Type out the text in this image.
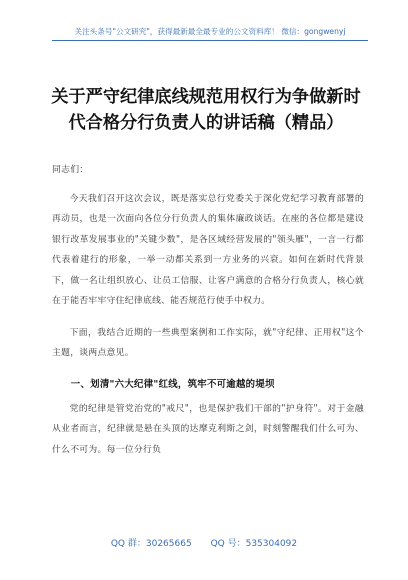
关注头条号"公文研究"，获得最新最全最专业的公文资料库！ 微信：gongwenyj
关于严守纪律底线规范用权行为争做新时代合格分行负责人的讲话稿（精品）

同志们：

今天我们召开这次会议，既是落实总行党委关于深化党纪学习教育部署的再动员，也是一次面向各位分行负责人的集体廉政谈话。在座的各位都是建设银行改革发展事业的"关键少数"，是各区域经营发展的"领头雁"，一言一行都代表着建行的形象，一举一动都关系到一方业务的兴衰。如何在新时代背景下，做一名让组织放心、让员工信服、让客户满意的合格分行负责人，核心就在于能否牢牢守住纪律底线、能否规范行使手中权力。

下面，我结合近期的一些典型案例和工作实际，就"守纪律、正用权"这个主题，谈两点意见。

一、划清"六大纪律"红线，筑牢不可逾越的堤坝

党的纪律是管党治党的"戒尺"，也是保护我们干部的"护身符"。对于金融从业者而言，纪律就是悬在头顶的达摩克利斯之剑，时刻警醒我们什么可为、什么不可为。每一位分行负

QQ 群：30265665 QQ 号：535304092
